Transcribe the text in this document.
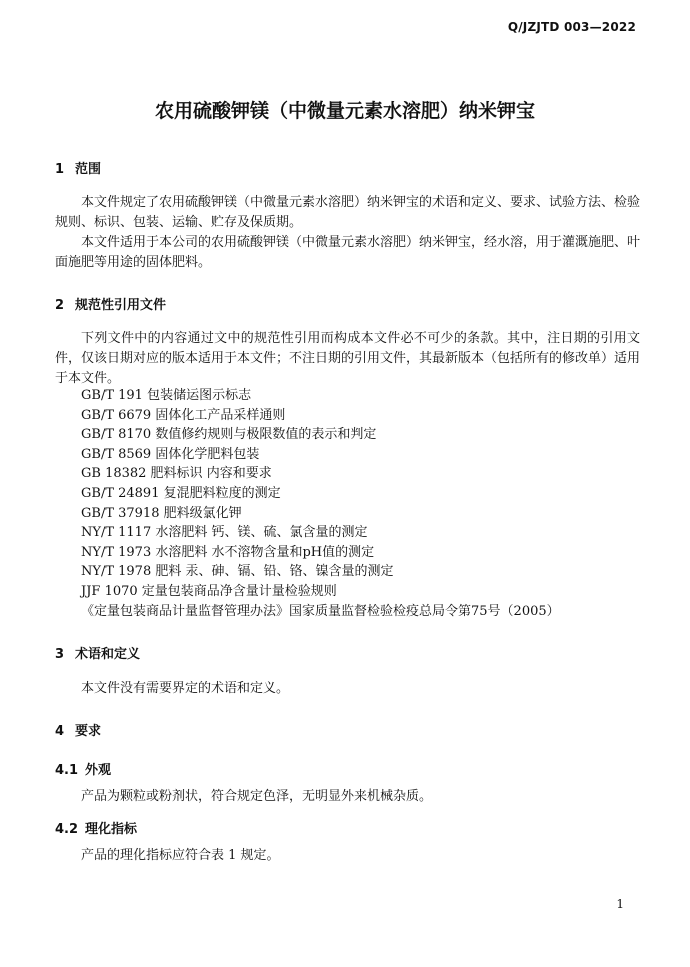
Q/JZJTD 003—2022
农用硫酸钾镁（中微量元素水溶肥）纳米钾宝
1 范围
本文件规定了农用硫酸钾镁（中微量元素水溶肥）纳米钾宝的术语和定义、要求、试验方法、检验规则、标识、包装、运输、贮存及保质期。
本文件适用于本公司的农用硫酸钾镁（中微量元素水溶肥）纳米钾宝，经水溶，用于灌溉施肥、叶面施肥等用途的固体肥料。
2 规范性引用文件
下列文件中的内容通过文中的规范性引用而构成本文件必不可少的条款。其中，注日期的引用文件，仅该日期对应的版本适用于本文件；不注日期的引用文件，其最新版本（包括所有的修改单）适用于本文件。
GB/T 191 包装储运图示标志
GB/T 6679 固体化工产品采样通则
GB/T 8170 数值修约规则与极限数值的表示和判定
GB/T 8569 固体化学肥料包装
GB 18382 肥料标识 内容和要求
GB/T 24891 复混肥料粒度的测定
GB/T 37918 肥料级氯化钾
NY/T 1117 水溶肥料 钙、镁、硫、氯含量的测定
NY/T 1973 水溶肥料 水不溶物含量和pH值的测定
NY/T 1978 肥料 汞、砷、镉、铅、铬、镍含量的测定
JJF 1070 定量包装商品净含量计量检验规则
《定量包装商品计量监督管理办法》国家质量监督检验检疫总局令第75号（2005）
3 术语和定义
本文件没有需要界定的术语和定义。
4 要求
4.1 外观
产品为颗粒或粉剂状，符合规定色泽，无明显外来机械杂质。
4.2 理化指标
产品的理化指标应符合表 1 规定。
1
